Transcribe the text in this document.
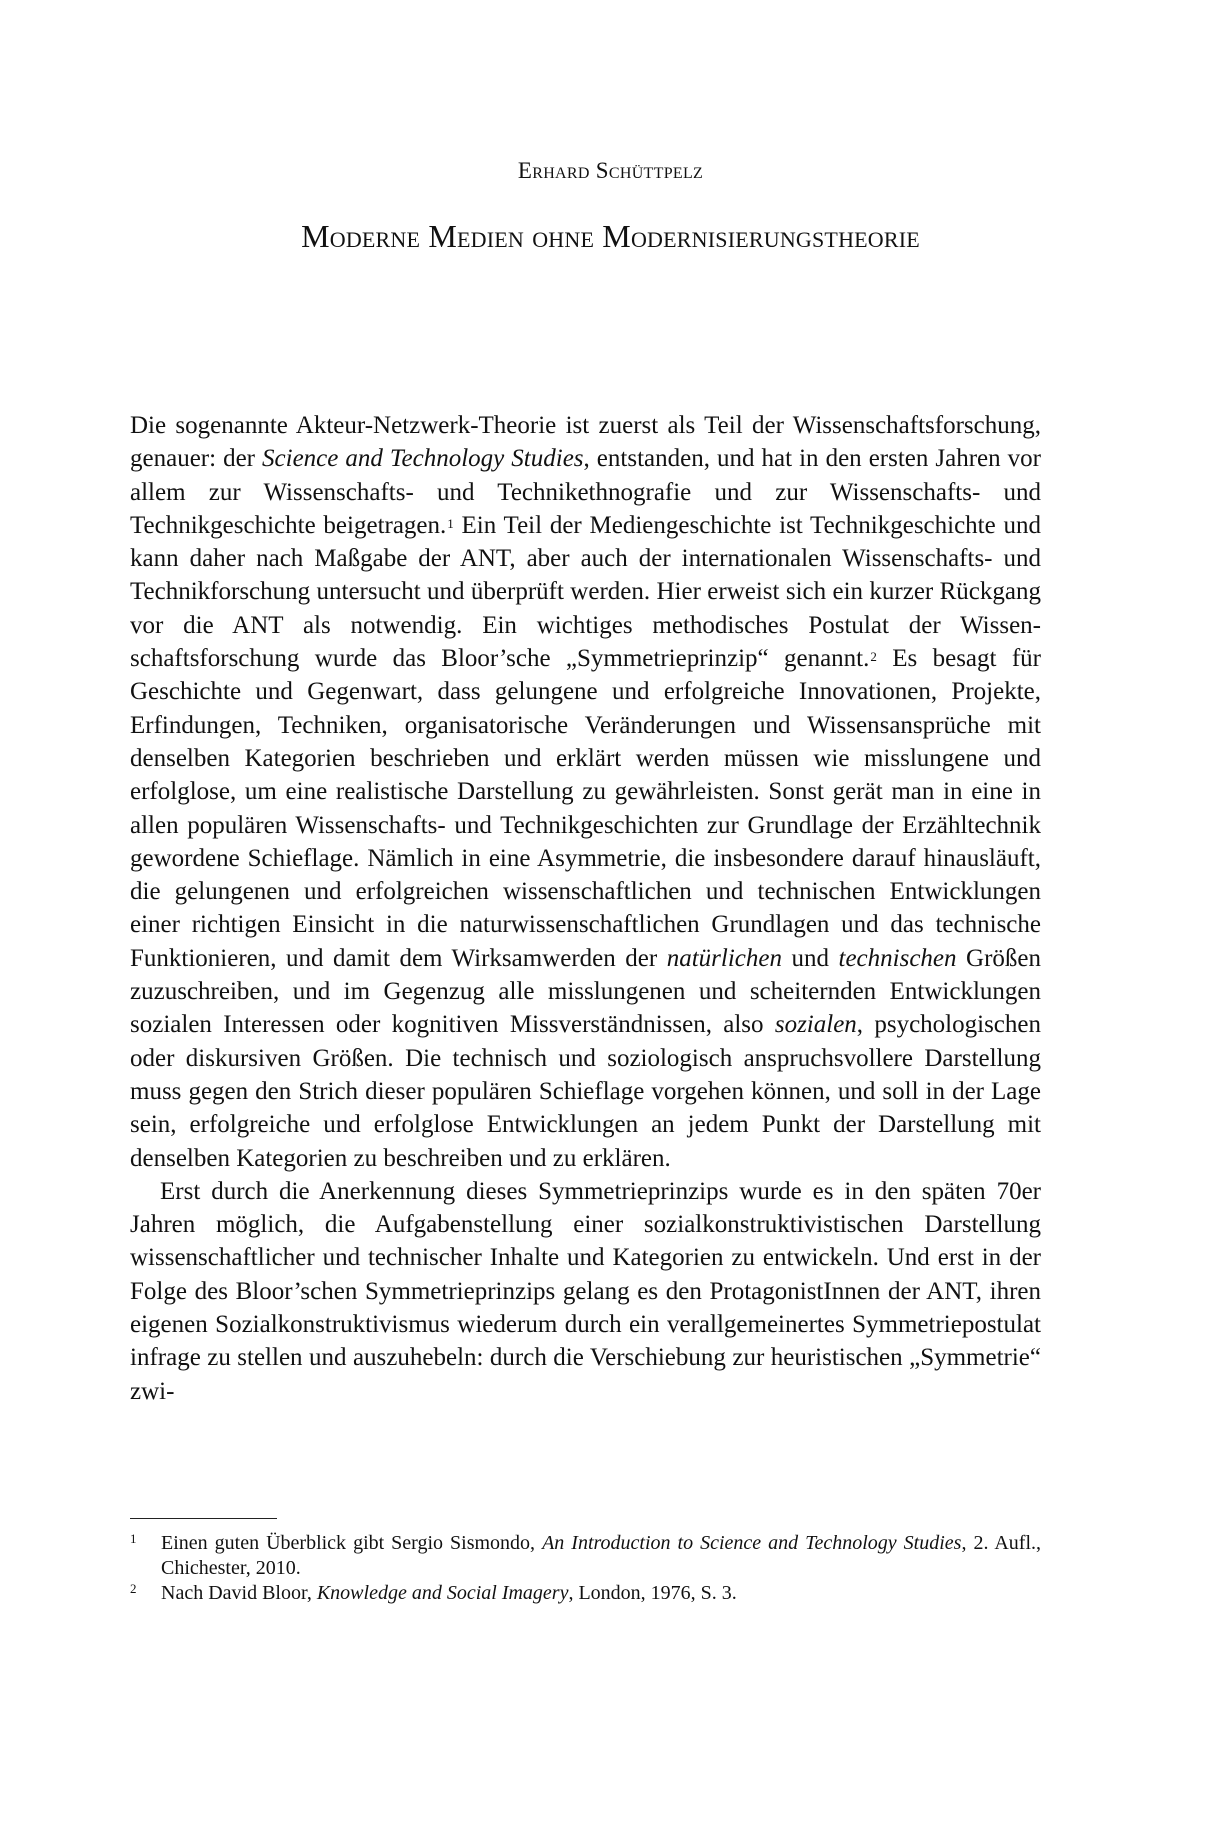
Erhard Schüttpelz
Moderne Medien ohne Modernisierungstheorie

Die sogenannte Akteur-Netzwerk-Theorie ist zuerst als Teil der Wissenschaftsforschung, genauer: der Science and Technology Studies, entstanden, und hat in den ersten Jahren vor allem zur Wissenschafts- und Technikethnografie und zur Wissenschafts- und Technikgeschichte beigetragen.$^1$ Ein Teil der Mediengeschichte ist Technikgeschichte und kann daher nach Maßgabe der ANT, aber auch der internationalen Wissenschafts- und Technikforschung untersucht und überprüft werden. Hier erweist sich ein kurzer Rückgang vor die ANT als notwendig. Ein wichtiges methodisches Postulat der Wissenschaftsforschung wurde das Bloor’sche „Symmetrieprinzip“ genannt.$^2$ Es besagt für Geschichte und Gegenwart, dass gelungene und erfolgreiche Innovationen, Projekte, Erfindungen, Techniken, organisatorische Veränderungen und Wissensansprüche mit denselben Kategorien beschrieben und erklärt werden müssen wie misslungene und erfolglose, um eine realistische Darstellung zu gewährleisten. Sonst gerät man in eine in allen populären Wissenschafts- und Technikgeschichten zur Grundlage der Erzähltechnik gewordene Schieflage. Nämlich in eine Asymmetrie, die insbesondere darauf hinausläuft, die gelungenen und erfolgreichen wissenschaftlichen und technischen Entwicklungen einer richtigen Einsicht in die naturwissenschaftlichen Grundlagen und das technische Funktionieren, und damit dem Wirksamwerden der natürlichen und technischen Größen zuzuschreiben, und im Gegenzug alle misslungenen und scheiternden Entwicklungen sozialen Interessen oder kognitiven Missverständnissen, also sozialen, psychologischen oder diskursiven Größen. Die technisch und soziologisch anspruchsvollere Darstellung muss gegen den Strich dieser populären Schieflage vorgehen können, und soll in der Lage sein, erfolgreiche und erfolglose Entwicklungen an jedem Punkt der Darstellung mit denselben Kategorien zu beschreiben und zu erklären.

Erst durch die Anerkennung dieses Symmetrieprinzips wurde es in den späten 70er Jahren möglich, die Aufgabenstellung einer sozialkonstruktivistischen Darstellung wissenschaftlicher und technischer Inhalte und Kategorien zu entwickeln. Und erst in der Folge des Bloor’schen Symmetrieprinzips gelang es den ProtagonistInnen der ANT, ihren eigenen Sozialkonstruktivismus wiederum durch ein verallgemeinertes Symmetriepostulat infrage zu stellen und auszuhebeln: durch die Verschiebung zur heuristischen „Symmetrie“ zwi-

1	Einen guten Überblick gibt Sergio Sismondo, An Introduction to Science and Technology Studies, 2. Aufl., Chichester, 2010.
2	Nach David Bloor, Knowledge and Social Imagery, London, 1976, S. 3.
